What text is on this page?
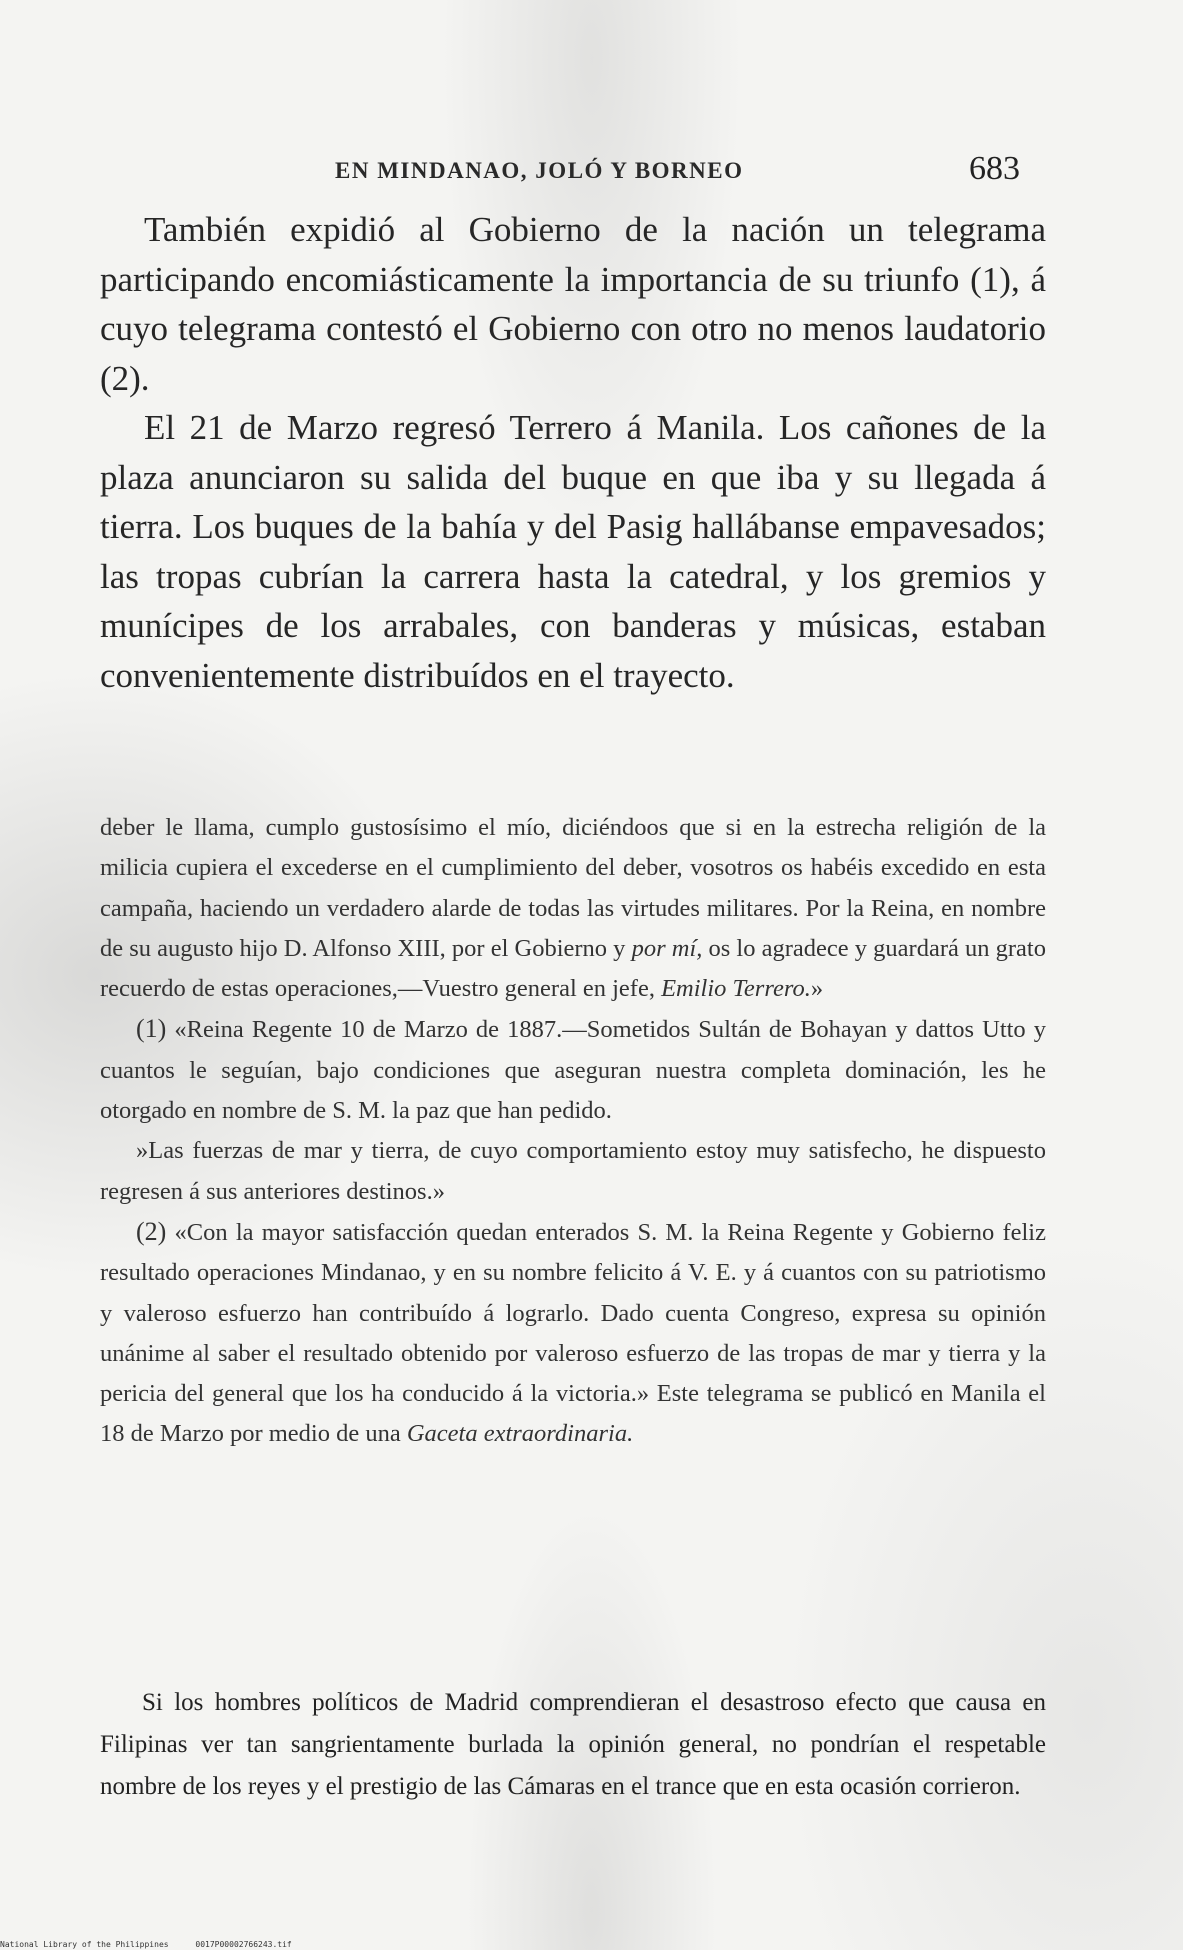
EN MINDANAO, JOLÓ Y BORNEO	683

También expidió al Gobierno de la nación un telegrama participando encomiásticamente la importancia de su triunfo (1), á cuyo telegrama contestó el Gobierno con otro no menos laudatorio (2).

El 21 de Marzo regresó Terrero á Manila. Los cañones de la plaza anunciaron su salida del buque en que iba y su llegada á tierra. Los buques de la bahía y del Pasig hallábanse empavesados; las tropas cubrían la carrera hasta la catedral, y los gremios y munícipes de los arrabales, con banderas y músicas, estaban convenientemente distribuídos en el trayecto.

deber le llama, cumplo gustosísimo el mío, diciéndoos que si en la estrecha religión de la milicia cupiera el excederse en el cumplimiento del deber, vosotros os habéis excedido en esta campaña, haciendo un verdadero alarde de todas las virtudes militares. Por la Reina, en nombre de su augusto hijo D. Alfonso XIII, por el Gobierno y por mí, os lo agradece y guardará un grato recuerdo de estas operaciones,—Vuestro general en jefe, Emilio Terrero.»

(1) «Reina Regente 10 de Marzo de 1887.—Sometidos Sultán de Bohayan y dattos Utto y cuantos le seguían, bajo condiciones que aseguran nuestra completa dominación, les he otorgado en nombre de S. M. la paz que han pedido.

»Las fuerzas de mar y tierra, de cuyo comportamiento estoy muy satisfecho, he dispuesto regresen á sus anteriores destinos.»

(2) «Con la mayor satisfacción quedan enterados S. M. la Reina Regente y Gobierno feliz resultado operaciones Mindanao, y en su nombre felicito á V. E. y á cuantos con su patriotismo y valeroso esfuerzo han contribuído á lograrlo. Dado cuenta Congreso, expresa su opinión unánime al saber el resultado obtenido por valeroso esfuerzo de las tropas de mar y tierra y la pericia del general que los ha conducido á la victoria.» Este telegrama se publicó en Manila el 18 de Marzo por medio de una Gaceta extraordinaria.

Si los hombres políticos de Madrid comprendieran el desastroso efecto que causa en Filipinas ver tan sangrientamente burlada la opinión general, no pondrían el respetable nombre de los reyes y el prestigio de las Cámaras en el trance que en esta ocasión corrieron.

National Library of the Philippines	0017P00002766243.tif
